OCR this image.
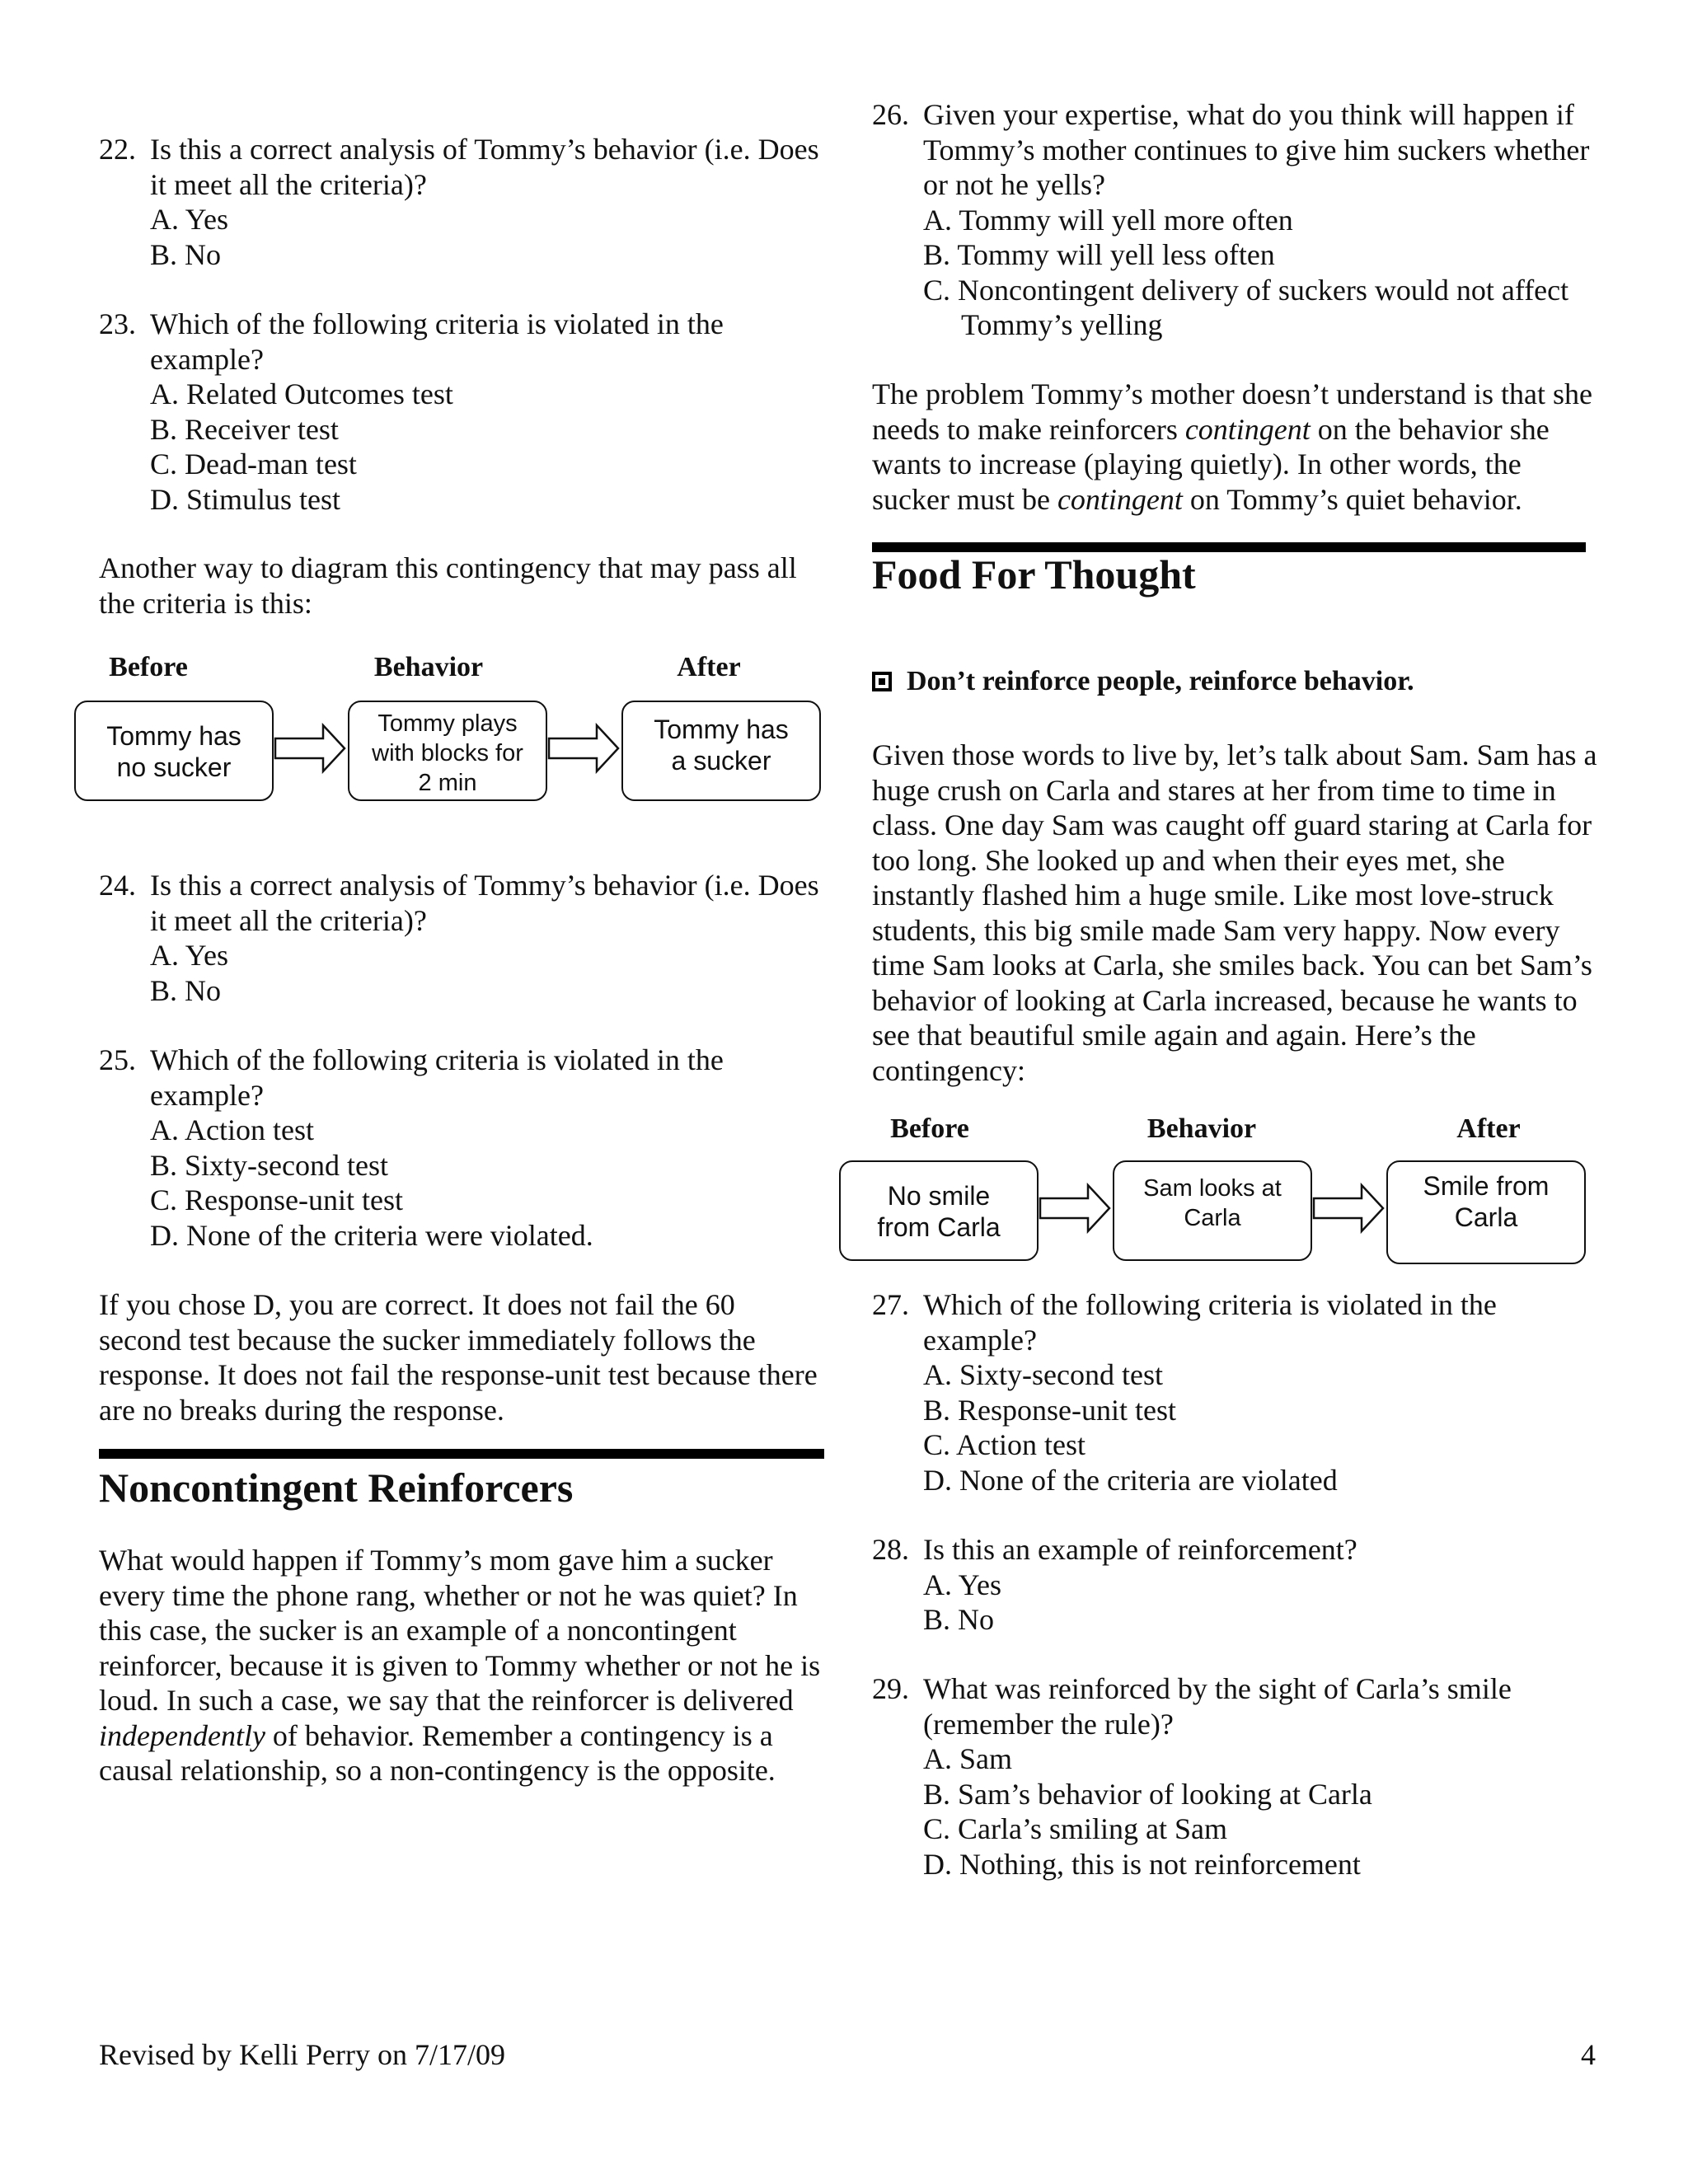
22. Is this a correct analysis of Tommy’s behavior (i.e. Does it meet all the criteria)?
A. Yes
B. No
23. Which of the following criteria is violated in the example?
A. Related Outcomes test
B. Receiver test
C. Dead-man test
D. Stimulus test
Another way to diagram this contingency that may pass all the criteria is this:
Before	Behavior	After
Tommy has
no sucker
Tommy plays
with blocks for
2 min
Tommy has
a sucker
24. Is this a correct analysis of Tommy’s behavior (i.e. Does it meet all the criteria)?
A. Yes
B. No
25. Which of the following criteria is violated in the example?
A. Action test
B. Sixty-second test
C. Response-unit test
D. None of the criteria were violated.
If you chose D, you are correct. It does not fail the 60 second test because the sucker immediately follows the response. It does not fail the response-unit test because there are no breaks during the response.
Noncontingent Reinforcers
What would happen if Tommy’s mom gave him a sucker every time the phone rang, whether or not he was quiet? In this case, the sucker is an example of a noncontingent reinforcer, because it is given to Tommy whether or not he is loud. In such a case, we say that the reinforcer is delivered independently of behavior. Remember a contingency is a causal relationship, so a non-contingency is the opposite.
26. Given your expertise, what do you think will happen if Tommy’s mother continues to give him suckers whether or not he yells?
A. Tommy will yell more often
B. Tommy will yell less often
C. Noncontingent delivery of suckers would not affect Tommy’s yelling
The problem Tommy’s mother doesn’t understand is that she needs to make reinforcers contingent on the behavior she wants to increase (playing quietly). In other words, the sucker must be contingent on Tommy’s quiet behavior.
Food For Thought
Don’t reinforce people, reinforce behavior.
Given those words to live by, let’s talk about Sam. Sam has a huge crush on Carla and stares at her from time to time in class. One day Sam was caught off guard staring at Carla for too long. She looked up and when their eyes met, she instantly flashed him a huge smile. Like most love-struck students, this big smile made Sam very happy. Now every time Sam looks at Carla, she smiles back. You can bet Sam’s behavior of looking at Carla increased, because he wants to see that beautiful smile again and again. Here’s the contingency:
Before	Behavior	After
No smile
from Carla
Sam looks at
Carla
Smile from
Carla
27. Which of the following criteria is violated in the example?
A. Sixty-second test
B. Response-unit test
C. Action test
D. None of the criteria are violated
28. Is this an example of reinforcement?
A. Yes
B. No
29. What was reinforced by the sight of Carla’s smile (remember the rule)?
A. Sam
B. Sam’s behavior of looking at Carla
C. Carla’s smiling at Sam
D. Nothing, this is not reinforcement
Revised by Kelli Perry on 7/17/09	4
